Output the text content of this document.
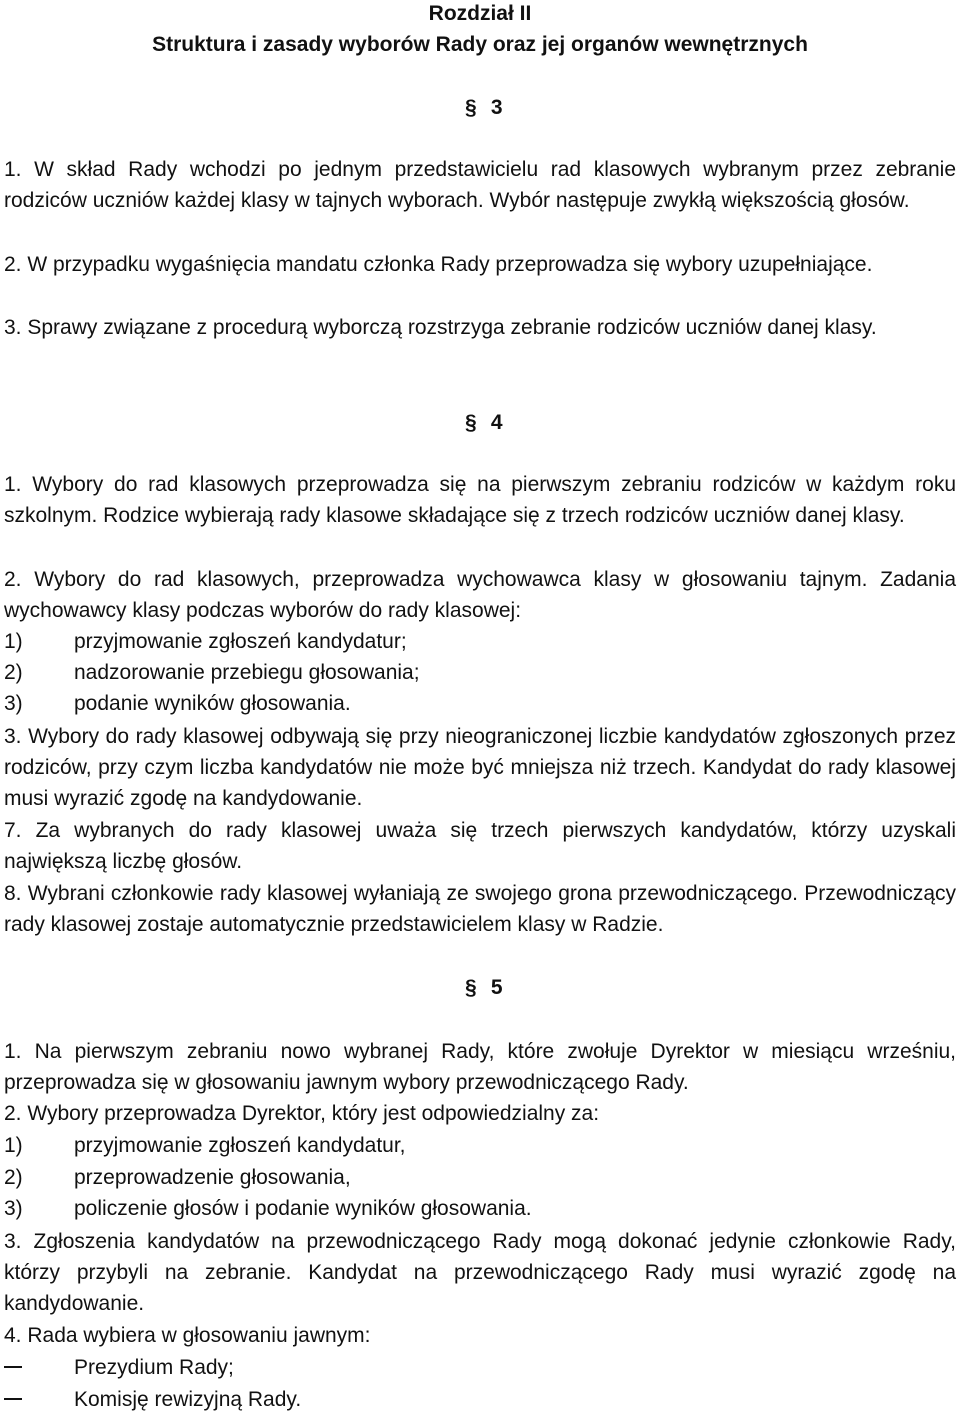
Rozdział II
Struktura i zasady wyborów Rady oraz jej organów wewnętrznych
§ 3
1. W skład Rady wchodzi po jednym przedstawicielu rad klasowych wybranym przez zebranie rodziców uczniów każdej klasy w tajnych wyborach. Wybór następuje zwykłą większością głosów.
2. W przypadku wygaśnięcia mandatu członka Rady przeprowadza się wybory uzupełniające.
3. Sprawy związane z procedurą wyborczą rozstrzyga zebranie rodziców uczniów danej klasy.
§ 4
1. Wybory do rad klasowych przeprowadza się na pierwszym zebraniu rodziców w każdym roku szkolnym. Rodzice wybierają rady klasowe składające się z trzech rodziców uczniów danej klasy.
2. Wybory do rad klasowych, przeprowadza wychowawca klasy w głosowaniu tajnym. Zadania wychowawcy klasy podczas wyborów do rady klasowej:
1) przyjmowanie zgłoszeń kandydatur;
2) nadzorowanie przebiegu głosowania;
3) podanie wyników głosowania.
3. Wybory do rady klasowej odbywają się przy nieograniczonej liczbie kandydatów zgłoszonych przez rodziców, przy czym liczba kandydatów nie może być mniejsza niż trzech. Kandydat do rady klasowej musi wyrazić zgodę na kandydowanie.
7. Za wybranych do rady klasowej uważa się trzech pierwszych kandydatów, którzy uzyskali największą liczbę głosów.
8. Wybrani członkowie rady klasowej wyłaniają ze swojego grona przewodniczącego. Przewodniczący rady klasowej zostaje automatycznie przedstawicielem klasy w Radzie.
§ 5
1. Na pierwszym zebraniu nowo wybranej Rady, które zwołuje Dyrektor w miesiącu wrześniu, przeprowadza się w głosowaniu jawnym wybory przewodniczącego Rady.
2. Wybory przeprowadza Dyrektor, który jest odpowiedzialny za:
1) przyjmowanie zgłoszeń kandydatur,
2) przeprowadzenie głosowania,
3) policzenie głosów i podanie wyników głosowania.
3. Zgłoszenia kandydatów na przewodniczącego Rady mogą dokonać jedynie członkowie Rady, którzy przybyli na zebranie. Kandydat na przewodniczącego Rady musi wyrazić zgodę na kandydowanie.
4. Rada wybiera w głosowaniu jawnym:
Prezydium Rady;
Komisję rewizyjną Rady.
